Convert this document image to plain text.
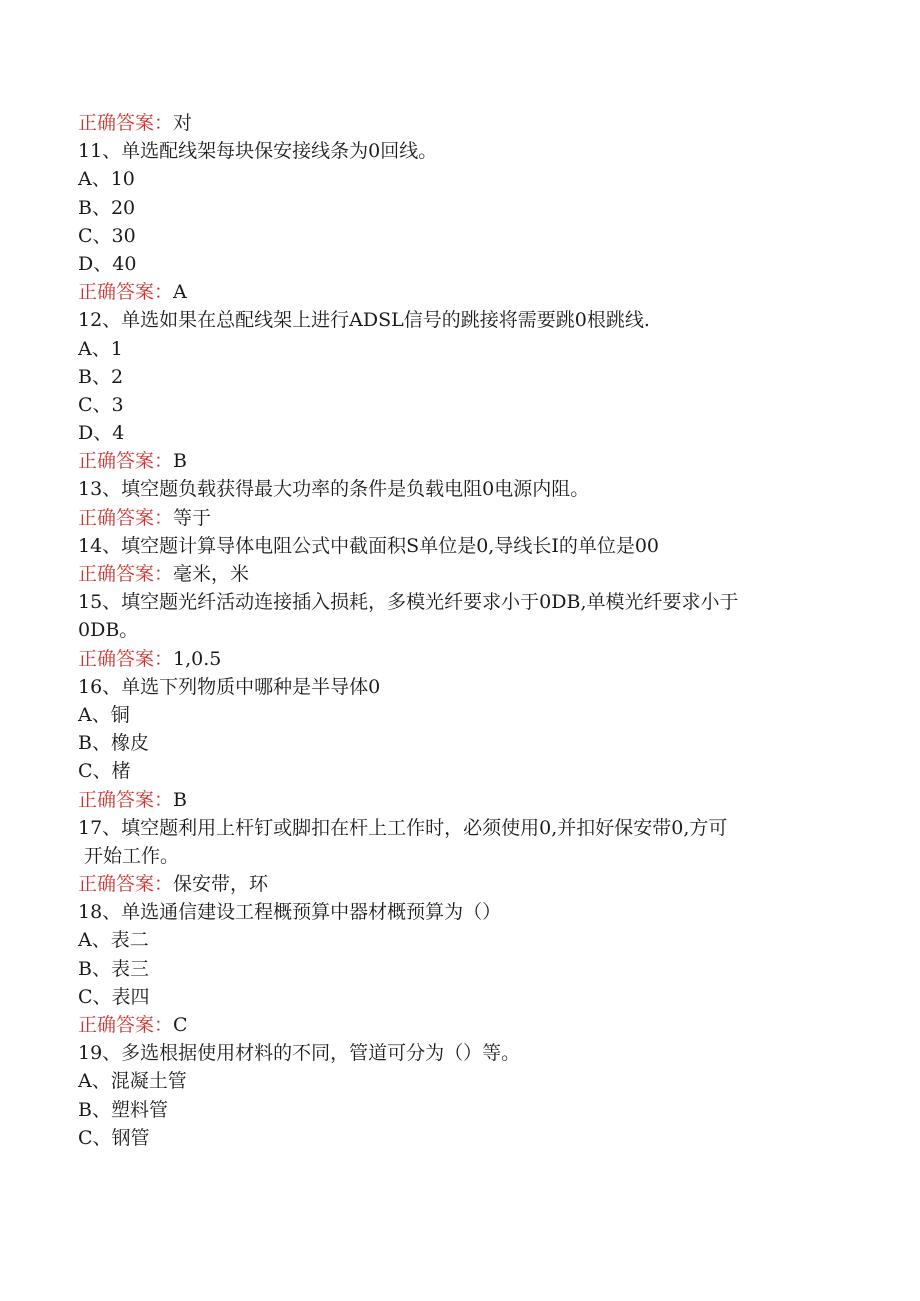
正确答案：对
11、单选配线架每块保安接线条为0回线。
A、10
B、20
C、30
D、40
正确答案：A
12、单选如果在总配线架上进行ADSL信号的跳接将需要跳0根跳线.
A、1
B、2
C、3
D、4
正确答案：B
13、填空题负载获得最大功率的条件是负载电阻0电源内阻。
正确答案：等于
14、填空题计算导体电阻公式中截面积S单位是0,导线长I的单位是00
正确答案：毫米，米
15、填空题光纤活动连接插入损耗，多模光纤要求小于0DB,单模光纤要求小于
0DB。
正确答案：1,0.5
16、单选下列物质中哪种是半导体0
A、铜
B、橡皮
C、楮
正确答案：B
17、填空题利用上杆钉或脚扣在杆上工作时，必须使用0,并扣好保安带0,方可
开始工作。
正确答案：保安带，环
18、单选通信建设工程概预算中器材概预算为（）
A、表二
B、表三
C、表四
正确答案：C
19、多选根据使用材料的不同，管道可分为（）等。
A、混凝土管
B、塑料管
C、钢管
